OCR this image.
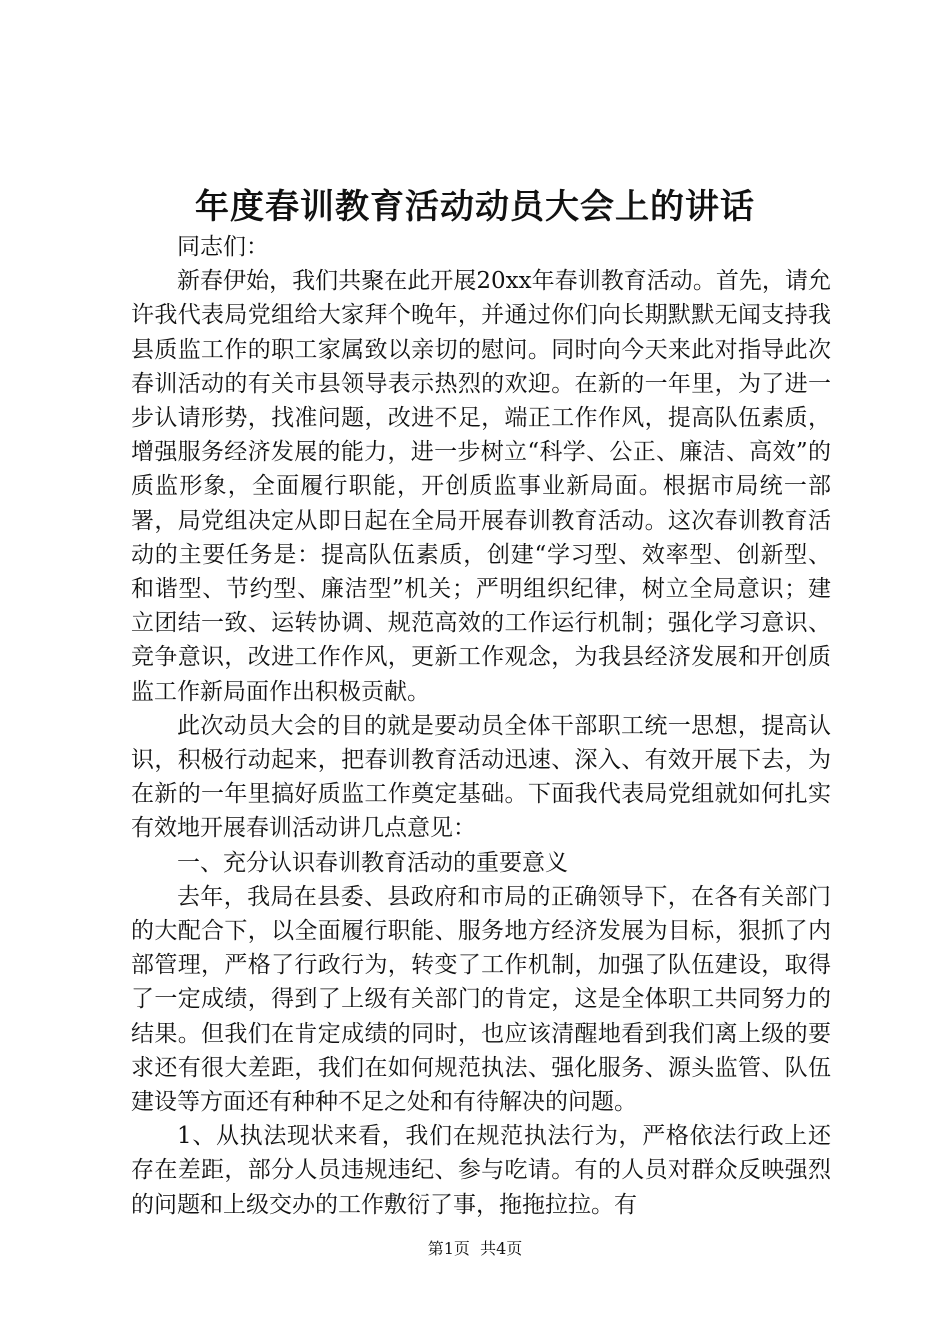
年度春训教育活动动员大会上的讲话

同志们：

新春伊始，我们共聚在此开展20xx年春训教育活动。首先，请允许我代表局党组给大家拜个晚年，并通过你们向长期默默无闻支持我县质监工作的职工家属致以亲切的慰问。同时向今天来此对指导此次春训活动的有关市县领导表示热烈的欢迎。在新的一年里，为了进一步认请形势，找准问题，改进不足，端正工作作风，提高队伍素质，增强服务经济发展的能力，进一步树立“科学、公正、廉洁、高效”的质监形象，全面履行职能，开创质监事业新局面。根据市局统一部署，局党组决定从即日起在全局开展春训教育活动。这次春训教育活动的主要任务是：提高队伍素质，创建“学习型、效率型、创新型、和谐型、节约型、廉洁型”机关；严明组织纪律，树立全局意识；建立团结一致、运转协调、规范高效的工作运行机制；强化学习意识、竞争意识，改进工作作风，更新工作观念，为我县经济发展和开创质监工作新局面作出积极贡献。

此次动员大会的目的就是要动员全体干部职工统一思想，提高认识，积极行动起来，把春训教育活动迅速、深入、有效开展下去，为在新的一年里搞好质监工作奠定基础。下面我代表局党组就如何扎实有效地开展春训活动讲几点意见：

一、充分认识春训教育活动的重要意义

去年，我局在县委、县政府和市局的正确领导下，在各有关部门的大配合下，以全面履行职能、服务地方经济发展为目标，狠抓了内部管理，严格了行政行为，转变了工作机制，加强了队伍建设，取得了一定成绩，得到了上级有关部门的肯定，这是全体职工共同努力的结果。但我们在肯定成绩的同时，也应该清醒地看到我们离上级的要求还有很大差距，我们在如何规范执法、强化服务、源头监管、队伍建设等方面还有种种不足之处和有待解决的问题。

1、从执法现状来看，我们在规范执法行为，严格依法行政上还存在差距，部分人员违规违纪、参与吃请。有的人员对群众反映强烈的问题和上级交办的工作敷衍了事，拖拖拉拉。有

第1页  共4页
